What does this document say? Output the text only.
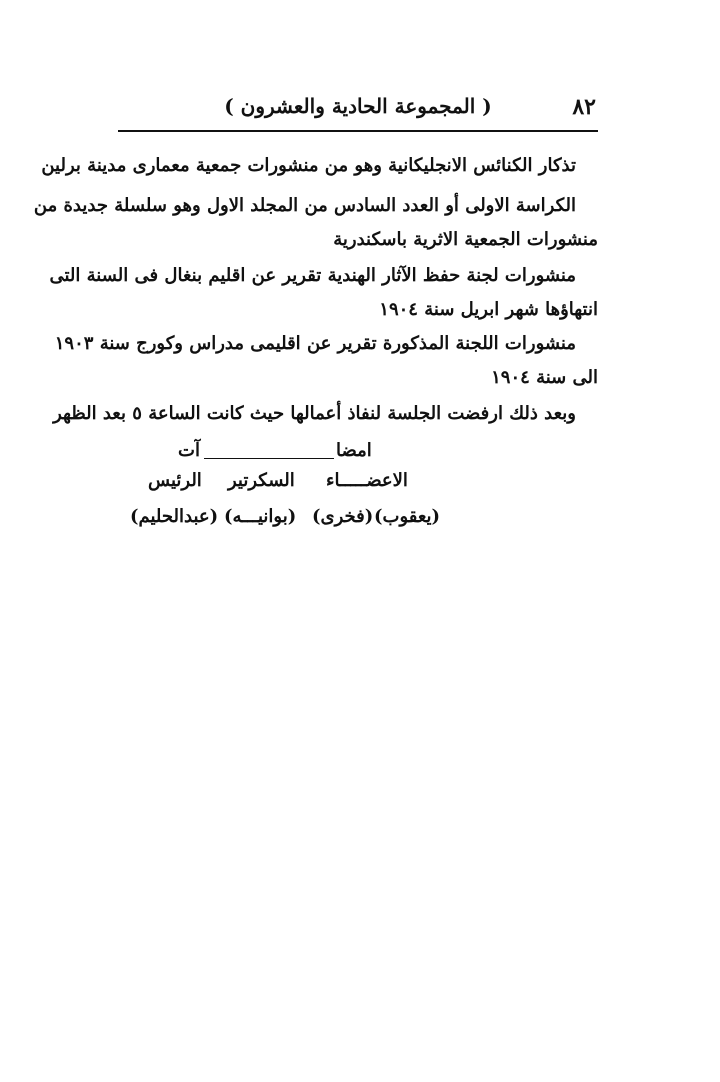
٨٢
( المجموعة الحادية والعشرون )
تذكار الكنائس الانجليكانية وهو من منشورات جمعية معمارى مدينة برلين
الكراسة الاولى أو العدد السادس من المجلد الاول وهو سلسلة جديدة من
منشورات الجمعية الاثرية باسكندرية
منشورات لجنة حفظ الآثار الهندية تقرير عن اقليم بنغال فى السنة التى
انتهاؤها شهر ابريل سنة ١٩٠٤
منشورات اللجنة المذكورة تقرير عن اقليمى مدراس وكورج سنة ١٩٠٣
الى سنة ١٩٠٤
وبعد ذلك ارفضت الجلسة لنفاذ أعمالها حيث كانت الساعة ٥ بعد الظهر
امضا
آت
الاعضـــــاء
السكرتير
الرئيس
(يعقوب)
(فخرى)
(بوانيـــه)
(عبدالحليم)
